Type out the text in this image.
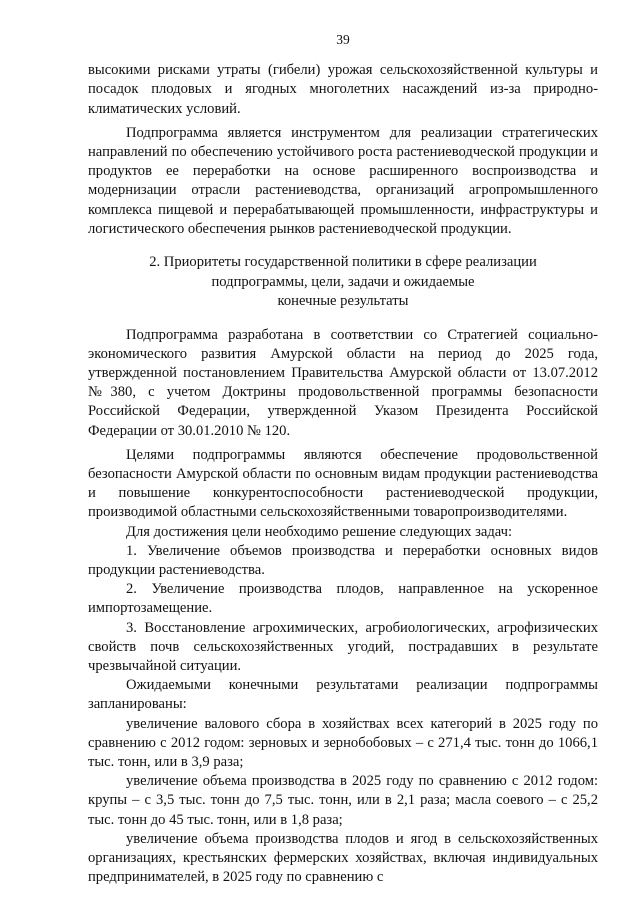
39

высокими рисками утраты (гибели) урожая сельскохозяйственной культуры и посадок плодовых и ягодных многолетних насаждений из-за природно-климатических условий.

Подпрограмма является инструментом для реализации стратегических направлений по обеспечению устойчивого роста растениеводческой продукции и продуктов ее переработки на основе расширенного воспроизводства и модернизации отрасли растениеводства, организаций агропромышленного комплекса пищевой и перерабатывающей промышленности, инфраструктуры и логистического обеспечения рынков растениеводческой продукции.

2. Приоритеты государственной политики в сфере реализации
подпрограммы, цели, задачи и ожидаемые
конечные результаты

Подпрограмма разработана в соответствии со Стратегией социально-экономического развития Амурской области на период до 2025 года, утвержденной постановлением Правительства Амурской области от 13.07.2012 №380, с учетом Доктрины продовольственной программы безопасности Российской Федерации, утвержденной Указом Президента Российской Федерации от 30.01.2010 № 120.

Целями подпрограммы являются обеспечение продовольственной безопасности Амурской области по основным видам продукции растениеводства и повышение конкурентоспособности растениеводческой продукции, производимой областными сельскохозяйственными товаропроизводителями.

Для достижения цели необходимо решение следующих задач:

1. Увеличение объемов производства и переработки основных видов продукции растениеводства.

2. Увеличение производства плодов, направленное на ускоренное импортозамещение.

3. Восстановление агрохимических, агробиологических, агрофизических свойств почв сельскохозяйственных угодий, пострадавших в результате чрезвычайной ситуации.

Ожидаемыми конечными результатами реализации подпрограммы запланированы:

увеличение валового сбора в хозяйствах всех категорий в 2025 году по сравнению с 2012 годом: зерновых и зернобобовых – с 271,4 тыс. тонн до 1066,1 тыс. тонн, или в 3,9 раза;

увеличение объема производства в 2025 году по сравнению с 2012 годом: крупы – с 3,5 тыс. тонн до 7,5 тыс. тонн, или в 2,1 раза; масла соевого – с 25,2 тыс. тонн до 45 тыс. тонн, или в 1,8 раза;

увеличение объема производства плодов и ягод в сельскохозяйственных организациях, крестьянских фермерских хозяйствах, включая индивидуальных предпринимателей, в 2025 году по сравнению с
